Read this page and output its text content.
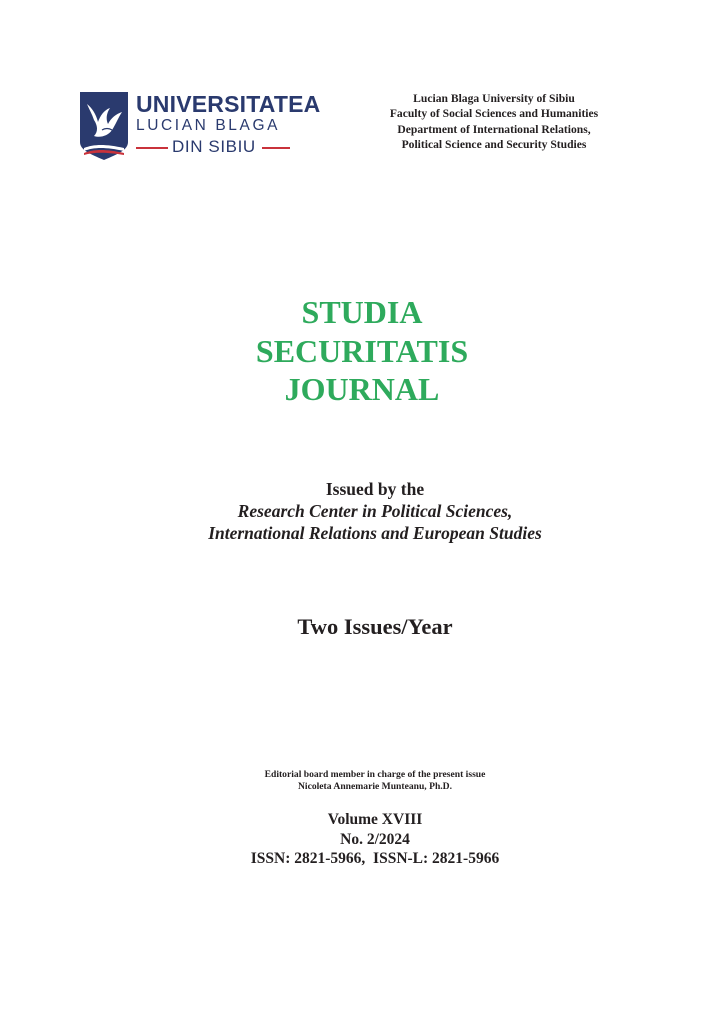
UNIVERSITATEA
LUCIAN BLAGA
DIN SIBIU
Lucian Blaga University of Sibiu
Faculty of Social Sciences and Humanities
Department of International Relations,
Political Science and Security Studies
STUDIA
SECURITATIS
JOURNAL
Issued by the
Research Center in Political Sciences,
International Relations and European Studies
Two Issues/Year
Editorial board member in charge of the present issue
Nicoleta Annemarie Munteanu, Ph.D.
Volume XVIII
No. 2/2024
ISSN: 2821-5966,  ISSN-L: 2821-5966
